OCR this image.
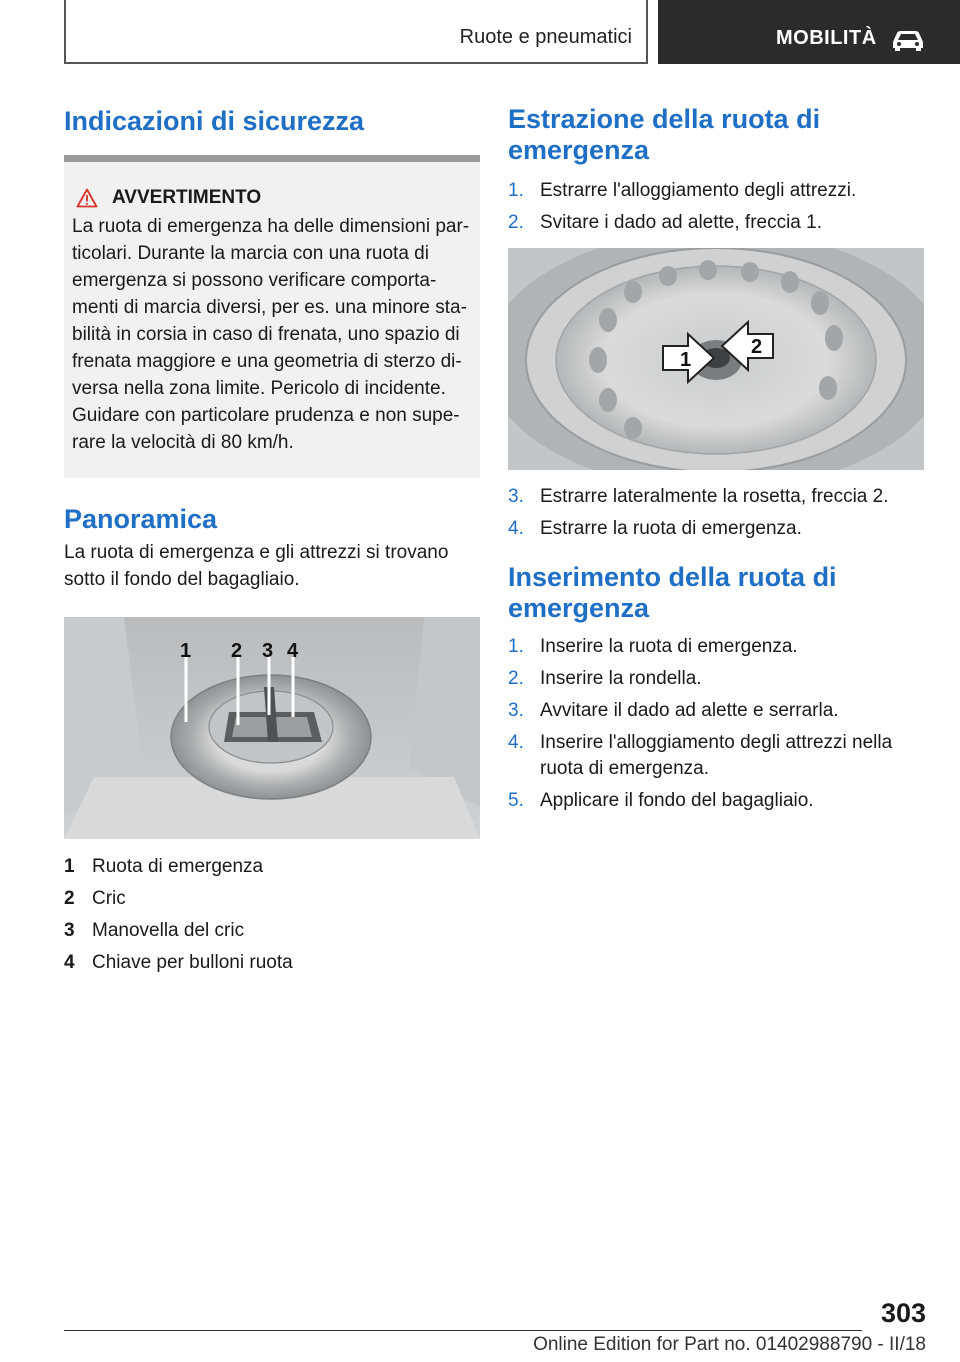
Ruote e pneumatici	MOBILITÀ
Indicazioni di sicurezza
AVVERTIMENTO
La ruota di emergenza ha delle dimensioni par-ticolari. Durante la marcia con una ruota di emergenza si possono verificare comporta-menti di marcia diversi, per es. una minore sta-bilità in corsia in caso di frenata, uno spazio di frenata maggiore e una geometria di sterzo di-versa nella zona limite. Pericolo di incidente. Guidare con particolare prudenza e non supe-rare la velocità di 80 km/h.
Panoramica

La ruota di emergenza e gli attrezzi si trovano sotto il fondo del bagagliaio.

1 2 3 4
1 Ruota di emergenza
2 Cric
3 Manovella del cric
4 Chiave per bulloni ruota
Estrazione della ruota di emergenza
1. Estrarre l'alloggiamento degli attrezzi.
2. Svitare i dado ad alette, freccia 1.
1
2
3. Estrarre lateralmente la rosetta, freccia 2.
4. Estrarre la ruota di emergenza.
Inserimento della ruota di emergenza
1. Inserire la ruota di emergenza.
2. Inserire la rondella.
3. Avvitare il dado ad alette e serrarla.
4. Inserire l'alloggiamento degli attrezzi nella ruota di emergenza.
5. Applicare il fondo del bagagliaio.
303
Online Edition for Part no. 01402988790 - II/18
